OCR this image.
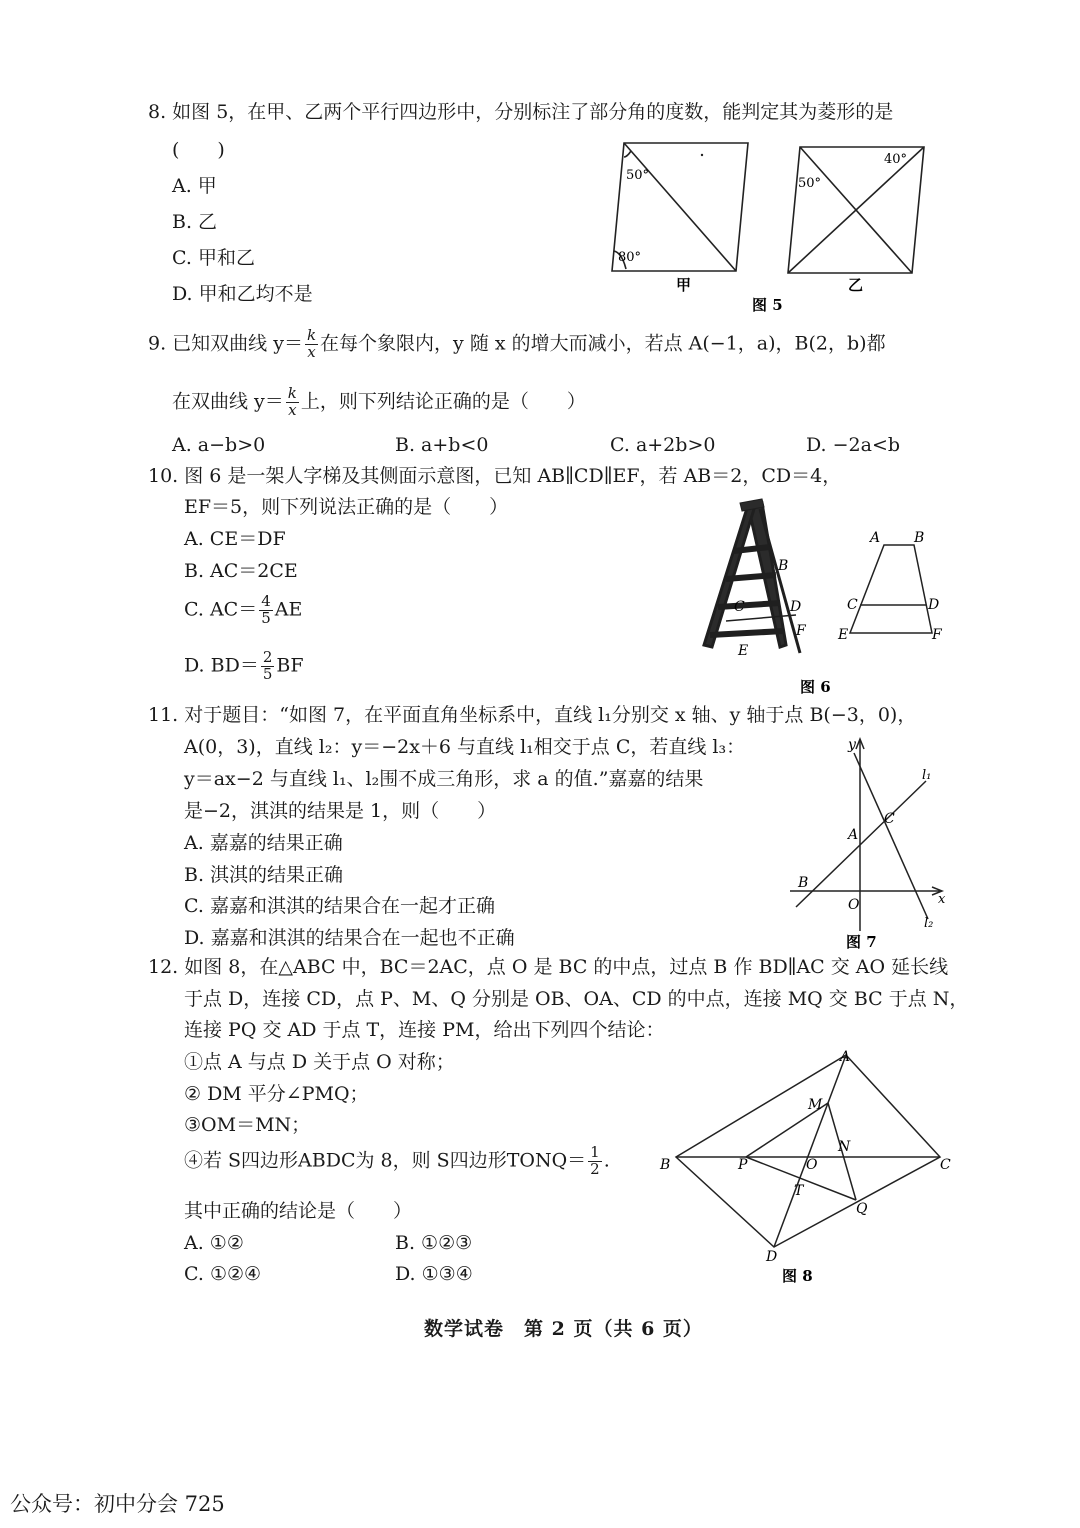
8. 如图 5，在甲、乙两个平行四边形中，分别标注了部分角的度数，能判定其为菱形的是
(　　)
A. 甲
B. 乙
C. 甲和乙
D. 甲和乙均不是
50°
80°
50°
40°
甲	乙
图 5
9. 已知双曲线 $y= \frac{k}{x}$ 在每个象限内，y 随 x 的增大而减小，若点 A(−1，a)，B(2，b)都
在双曲线 $y= \frac{k}{x}$ 上，则下列结论正确的是（　　）
A. a−b>0	B. a+b<0	C. a+2b>0	D. −2a<b
10. 图 6 是一架人字梯及其侧面示意图，已知 AB∥CD∥EF，若 AB＝2，CD＝4，
EF＝5，则下列说法正确的是（　　）
A. CE＝DF
B. AC＝2CE
C. $AC= \frac{4}{5}$ AE
D. $BD= \frac{2}{5}$ BF
B
C	D
F
E
A B
C	D
E	F
图 6
11. 对于题目：“如图 7，在平面直角坐标系中，直线 l₁分别交 x 轴、y 轴于点 B(−3，0)，
A(0，3)，直线 l₂：y＝−2x＋6 与直线 l₁相交于点 C，若直线 l₃：
y＝ax−2 与直线 l₁、l₂围不成三角形，求 a 的值.”嘉嘉的结果
是−2，淇淇的结果是 1，则（　　）
A. 嘉嘉的结果正确
B. 淇淇的结果正确
C. 嘉嘉和淇淇的结果合在一起才正确
D. 嘉嘉和淇淇的结果合在一起也不正确
y
x
l₁
l₂
A
C
B
O
图 7
12. 如图 8，在△ABC 中，BC＝2AC，点 O 是 BC 的中点，过点 B 作 BD∥AC 交 AO 延长线
于点 D，连接 CD，点 P、M、Q 分别是 OB、OA、CD 的中点，连接 MQ 交 BC 于点 N，
连接 PQ 交 AD 于点 T，连接 PM，给出下列四个结论：
①点 A 与点 D 关于点 O 对称；
② DM 平分∠PMQ；
③OM＝MN；
④若 S四边形ABDC为 8，则 S四边形TONQ＝ $\frac{1}{2}$ .
其中正确的结论是（　　）
A. ①②	B. ①②③
C. ①②④	D. ①③④
A
B	C
D
M
N
O
P
Q
T
图 8
数学试卷　第 2 页（共 6 页）
公众号：初中分会 725
